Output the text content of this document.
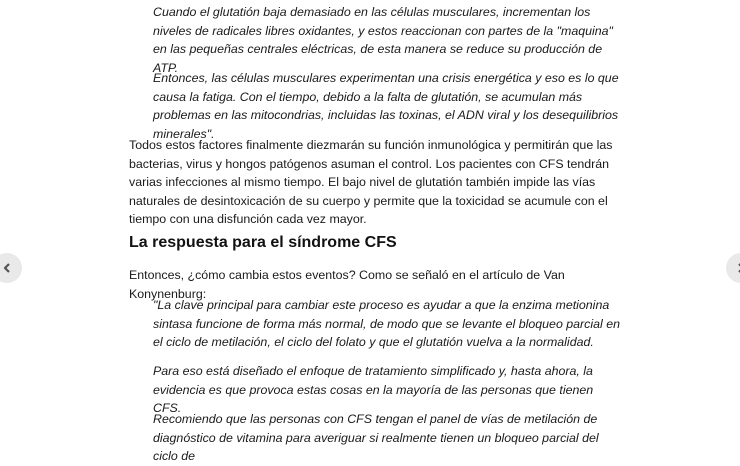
Cuando el glutatión baja demasiado en las células musculares, incrementan los niveles de radicales libres oxidantes, y estos reaccionan con partes de la "maquina" en las pequeñas centrales eléctricas, de esta manera se reduce su producción de ATP.

Entonces, las células musculares experimentan una crisis energética y eso es lo que causa la fatiga. Con el tiempo, debido a la falta de glutatión, se acumulan más problemas en las mitocondrias, incluidas las toxinas, el ADN viral y los desequilibrios minerales".

Todos estos factores finalmente diezmarán su función inmunológica y permitirán que las bacterias, virus y hongos patógenos asuman el control. Los pacientes con CFS tendrán varias infecciones al mismo tiempo. El bajo nivel de glutatión también impide las vías naturales de desintoxicación de su cuerpo y permite que la toxicidad se acumule con el tiempo con una disfunción cada vez mayor.

La respuesta para el síndrome CFS

Entonces, ¿cómo cambia estos eventos? Como se señaló en el artículo de Van Konynenburg:

"La clave principal para cambiar este proceso es ayudar a que la enzima metionina sintasa funcione de forma más normal, de modo que se levante el bloqueo parcial en el ciclo de metilación, el ciclo del folato y que el glutatión vuelva a la normalidad.

Para eso está diseñado el enfoque de tratamiento simplificado y, hasta ahora, la evidencia es que provoca estas cosas en la mayoría de las personas que tienen CFS.

Recomiendo que las personas con CFS tengan el panel de vías de metilación de diagnóstico de vitamina para averiguar si realmente tienen un bloqueo parcial del ciclo de
